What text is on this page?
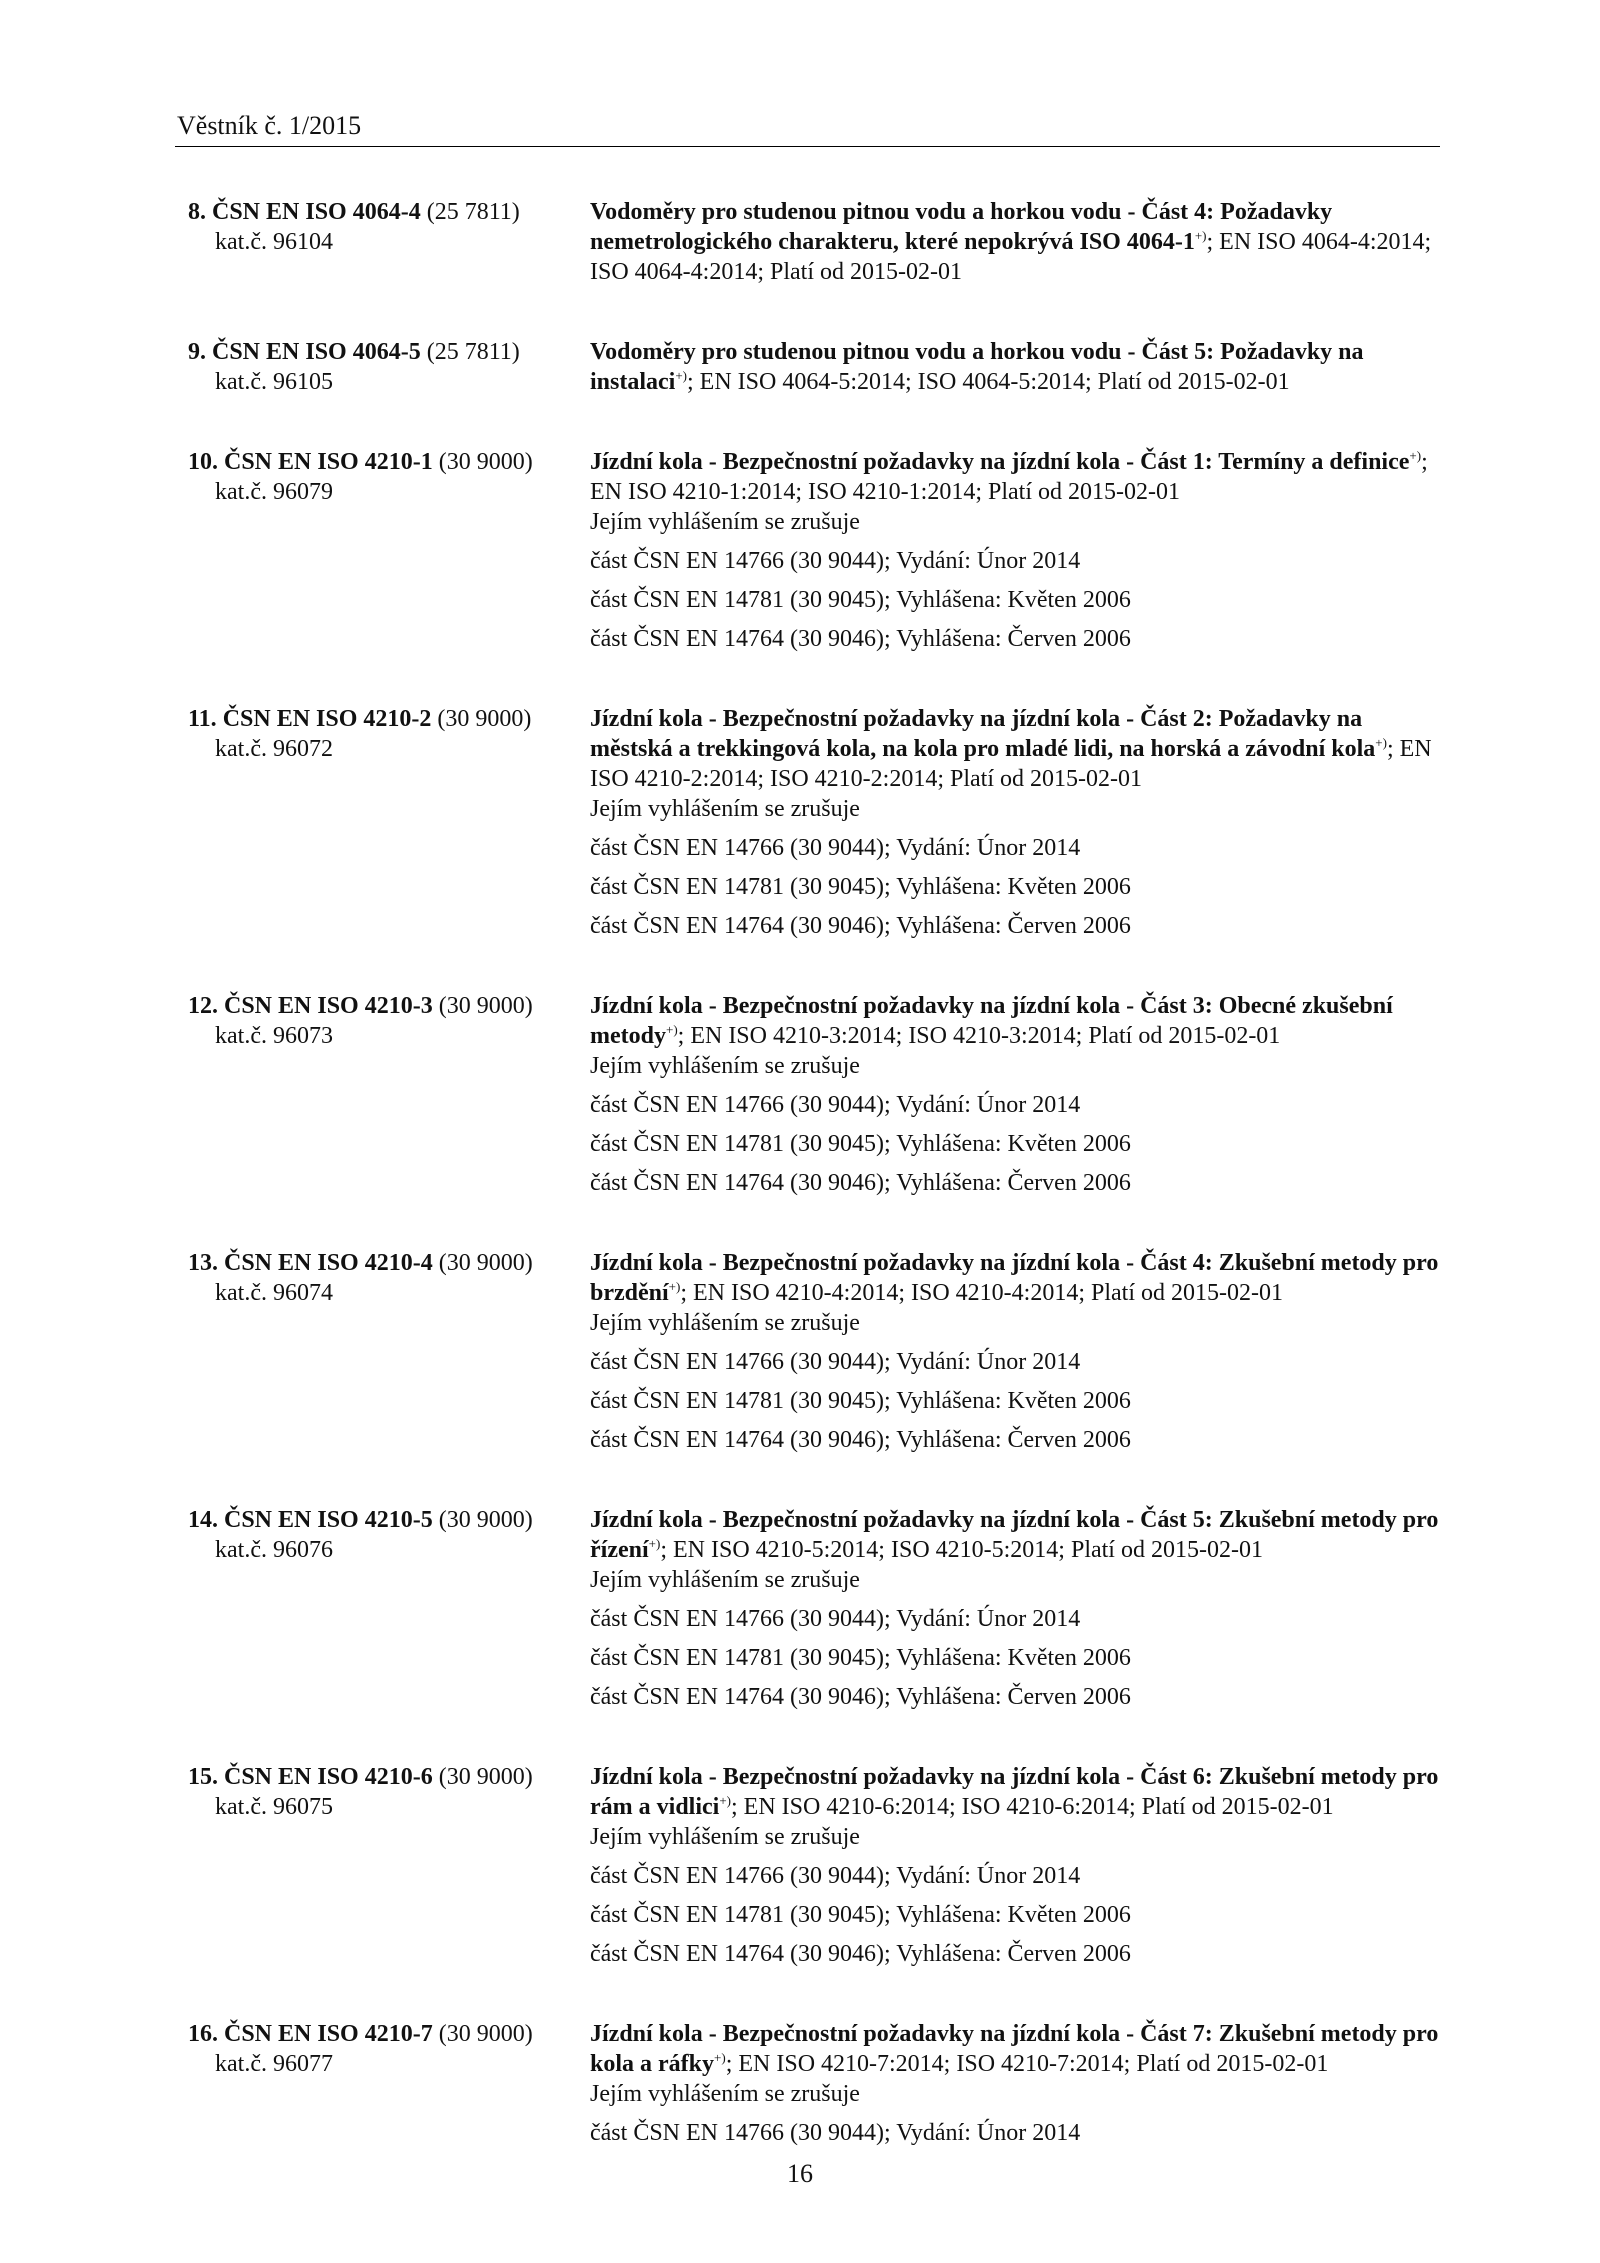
Věstník č. 1/2015
8. ČSN EN ISO 4064-4 (25 7811)
kat.č. 96104
Vodoměry pro studenou pitnou vodu a horkou vodu - Část 4: Požadavky nemetrologického charakteru, které nepokrývá ISO 4064-1+); EN ISO 4064-4:2014; ISO 4064-4:2014; Platí od 2015-02-01
9. ČSN EN ISO 4064-5 (25 7811)
kat.č. 96105
Vodoměry pro studenou pitnou vodu a horkou vodu - Část 5: Požadavky na instalaci+); EN ISO 4064-5:2014; ISO 4064-5:2014; Platí od 2015-02-01
10. ČSN EN ISO 4210-1 (30 9000)
kat.č. 96079
Jízdní kola - Bezpečnostní požadavky na jízdní kola - Část 1: Termíny a definice+); EN ISO 4210-1:2014; ISO 4210-1:2014; Platí od 2015-02-01
Jejím vyhlášením se zrušuje
část ČSN EN 14766 (30 9044); Vydání: Únor 2014
část ČSN EN 14781 (30 9045); Vyhlášena: Květen 2006
část ČSN EN 14764 (30 9046); Vyhlášena: Červen 2006
11. ČSN EN ISO 4210-2 (30 9000)
kat.č. 96072
Jízdní kola - Bezpečnostní požadavky na jízdní kola - Část 2: Požadavky na městská a trekkingová kola, na kola pro mladé lidi, na horská a závodní kola+); EN ISO 4210-2:2014; ISO 4210-2:2014; Platí od 2015-02-01
Jejím vyhlášením se zrušuje
část ČSN EN 14766 (30 9044); Vydání: Únor 2014
část ČSN EN 14781 (30 9045); Vyhlášena: Květen 2006
část ČSN EN 14764 (30 9046); Vyhlášena: Červen 2006
12. ČSN EN ISO 4210-3 (30 9000)
kat.č. 96073
Jízdní kola - Bezpečnostní požadavky na jízdní kola - Část 3: Obecné zkušební metody+); EN ISO 4210-3:2014; ISO 4210-3:2014; Platí od 2015-02-01
Jejím vyhlášením se zrušuje
část ČSN EN 14766 (30 9044); Vydání: Únor 2014
část ČSN EN 14781 (30 9045); Vyhlášena: Květen 2006
část ČSN EN 14764 (30 9046); Vyhlášena: Červen 2006
13. ČSN EN ISO 4210-4 (30 9000)
kat.č. 96074
Jízdní kola - Bezpečnostní požadavky na jízdní kola - Část 4: Zkušební metody pro brzdění+); EN ISO 4210-4:2014; ISO 4210-4:2014; Platí od 2015-02-01
Jejím vyhlášením se zrušuje
část ČSN EN 14766 (30 9044); Vydání: Únor 2014
část ČSN EN 14781 (30 9045); Vyhlášena: Květen 2006
část ČSN EN 14764 (30 9046); Vyhlášena: Červen 2006
14. ČSN EN ISO 4210-5 (30 9000)
kat.č. 96076
Jízdní kola - Bezpečnostní požadavky na jízdní kola - Část 5: Zkušební metody pro řízení+); EN ISO 4210-5:2014; ISO 4210-5:2014; Platí od 2015-02-01
Jejím vyhlášením se zrušuje
část ČSN EN 14766 (30 9044); Vydání: Únor 2014
část ČSN EN 14781 (30 9045); Vyhlášena: Květen 2006
část ČSN EN 14764 (30 9046); Vyhlášena: Červen 2006
15. ČSN EN ISO 4210-6 (30 9000)
kat.č. 96075
Jízdní kola - Bezpečnostní požadavky na jízdní kola - Část 6: Zkušební metody pro rám a vidlici+); EN ISO 4210-6:2014; ISO 4210-6:2014; Platí od 2015-02-01
Jejím vyhlášením se zrušuje
část ČSN EN 14766 (30 9044); Vydání: Únor 2014
část ČSN EN 14781 (30 9045); Vyhlášena: Květen 2006
část ČSN EN 14764 (30 9046); Vyhlášena: Červen 2006
16. ČSN EN ISO 4210-7 (30 9000)
kat.č. 96077
Jízdní kola - Bezpečnostní požadavky na jízdní kola - Část 7: Zkušební metody pro kola a ráfky+); EN ISO 4210-7:2014; ISO 4210-7:2014; Platí od 2015-02-01
Jejím vyhlášením se zrušuje
část ČSN EN 14766 (30 9044); Vydání: Únor 2014
16
